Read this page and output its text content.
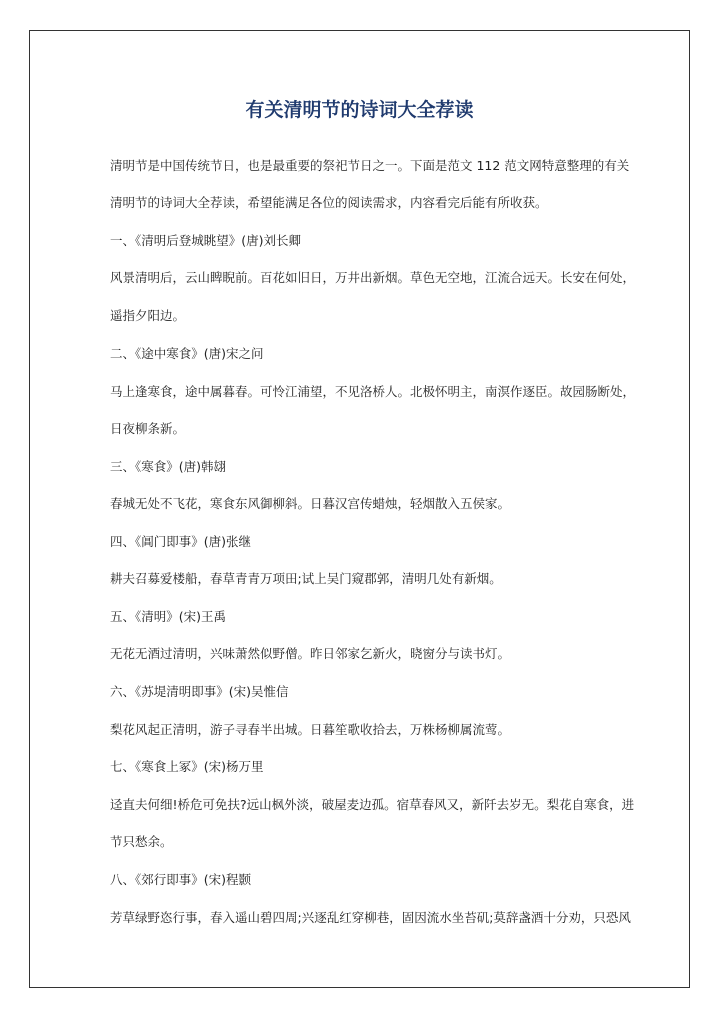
有关清明节的诗词大全荐读

清明节是中国传统节日，也是最重要的祭祀节日之一。下面是范文 112 范文网特意整理的有关

清明节的诗词大全荐读，希望能满足各位的阅读需求，内容看完后能有所收获。

一、《清明后登城眺望》(唐)刘长卿

风景清明后，云山睥睨前。百花如旧日，万井出新烟。草色无空地，江流合远天。长安在何处，

遥指夕阳边。

二、《途中寒食》(唐)宋之问

马上逢寒食，途中属暮春。可怜江浦望，不见洛桥人。北极怀明主，南溟作逐臣。故园肠断处，

日夜柳条新。

三、《寒食》(唐)韩翃

春城无处不飞花，寒食东风御柳斜。日暮汉宫传蜡烛，轻烟散入五侯家。

四、《阊门即事》(唐)张继

耕夫召募爱楼船，春草青青万项田;试上吴门窥郡郭，清明几处有新烟。

五、《清明》(宋)王禹

无花无酒过清明，兴味萧然似野僧。昨日邻家乞新火，晓窗分与读书灯。

六、《苏堤清明即事》(宋)吴惟信

梨花风起正清明，游子寻春半出城。日暮笙歌收拾去，万株杨柳属流莺。

七、《寒食上冢》(宋)杨万里

迳直夫何细!桥危可免扶?远山枫外淡，破屋麦边孤。宿草春风又，新阡去岁无。梨花自寒食，进

节只愁余。

八、《郊行即事》(宋)程颢

芳草绿野恣行事，春入遥山碧四周;兴逐乱红穿柳巷，固因流水坐苔矶;莫辞盏酒十分劝，只恐风
